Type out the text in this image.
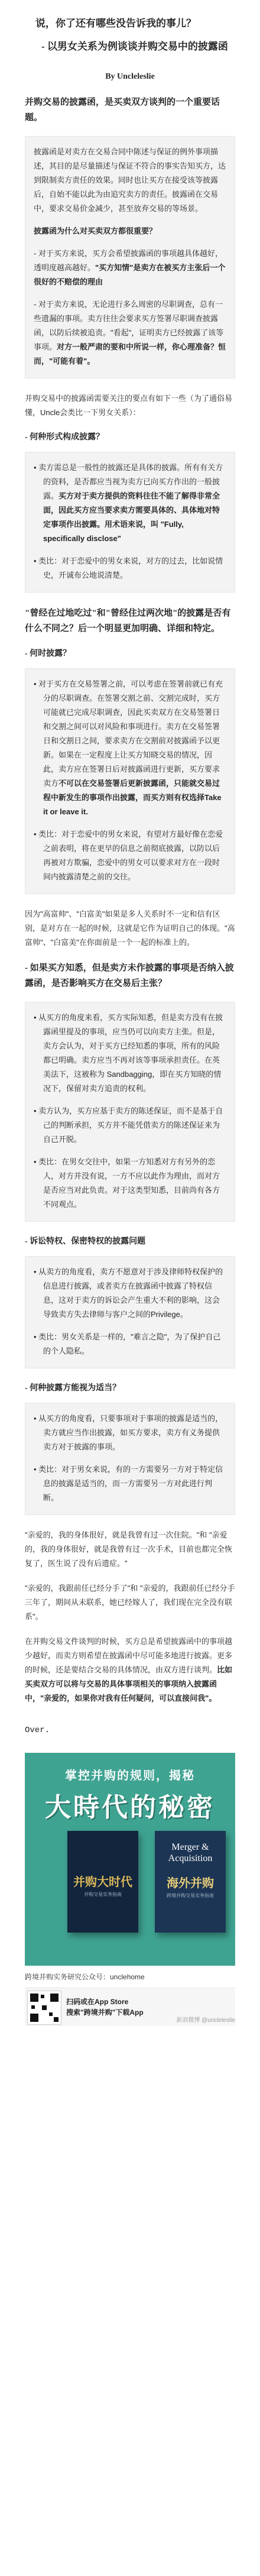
说，你了还有哪些没告诉我的事儿？

- 以男女关系为例谈谈并购交易中的披露函

By Uncleleslie

并购交易的披露函，是买卖双方谈判的一个重要话题。

披露函是对卖方在交易合同中陈述与保证的例外事项描述，其目的是尽量描述与保证不符合的事实告知买方，达到限制卖方责任的效果。同时也让买方在接受该等披露后，自始不能以此为由追究卖方的责任。披露函在交易中，要求交易价金减少，甚至放弃交易的等场景。

披露函为什么对买卖双方都很重要？

- 对于买方来说，买方会希望披露函的事项越具体越好，透明度越高越好。"买方知情"是卖方在被买方主张后一个很好的不赔偿的理由

- 对于卖方来说，无论进行多么周密的尽职调查，总有一些遗漏的事项。卖方往往会要求买方签署尽职调查披露函，以防后续被追责。"看起"，证明卖方已经披露了该等事项。对方一般严肃的要和中所说一样，你心理准备？恒而，"可能有着"。

并购交易中的披露函需要关注的要点有如下一些（为了通俗易懂，Uncle会类比一下男女关系）：

- 何种形式构成披露？

• 卖方需总是一般性的披露还是具体的披露。所有有关方的资料，是否都应当视为卖方已向买方作出的一般披露。买方对于卖方提供的资料往往不能了解得非常全面，因此买方应当要求卖方需要具体的、具体地对特定事项作出披露。用术语来说，叫 "Fully, specifically disclose"

• 类比：对于恋爱中的男女来说，对方的过去，比如说情史，开诚布公地说清楚。

"曾经在过地吃过"和"曾经住过两次地"的披露是否有什么不同之？后一个明显更加明确、详细和特定。

- 何时披露？

• 对于买方在交易签署之前，可以考虑在签署前就已有充分的尽职调查。在签署交割之前、交割完成时，买方可能就已完成尽职调查，因此买卖双方在交易签署日和交割之间可以对风险和事项进行。卖方在交易签署日和交割日之间，要求卖方在交割前对披露函予以更新。如果在一定程度上让买方知晓交易的情况，因此，卖方应在签署日后对披露函进行更新，买方要求卖方不可以在交易签署后更新披露函，只能就交易过程中新发生的事项作出披露，而买方则有权选择Take it or leave it.

• 类比：对于恋爱中的男女来说，有望对方最好像在恋爱之前表明，将在更早的信息之前彻底披露，以防以后再被对方欺骗，恋爱中的男女可以要求对方在一段时间内披露清楚之前的交往。

因为"高富帅"、"白富美"如果是多人关系时不一定和信有区别，是对方在一起的时候，这就是它作为证明自己的体现。"高富帅"、"白富美"在你面前是一个一起的标准上的。

- 如果买方知悉，但是卖方未作披露的事项是否纳入披露函，是否影响买方在交易后主张？

• 从买方的角度来看，买方实际知悉，但是卖方没有在披露函里提及的事项，应当仍可以向卖方主张。但是，卖方会认为，对于买方已经知悉的事项，所有的风险都已明确。卖方应当不再对该等事项承担责任。在英美法下，这被称为 Sandbagging，即在买方知晓的情况下，保留对卖方追责的权利。

• 卖方认为，买方应基于卖方的陈述保证，而不是基于自己的判断承担，买方并不能凭借卖方的陈述保证来为自己开脱。

• 类比：在男女交往中，如果一方知悉对方有另外的恋人，对方并没有说，一方不应以此作为理由，而对方是否应当对此负责。对于这类型知悉，目前尚有各方不同观点。

- 诉讼特权、保密特权的披露问题

• 从卖方的角度看，卖方不愿意对于涉及律师特权保护的信息进行披露，或者卖方在披露函中披露了特权信息，这对于卖方的诉讼会产生重大不利的影响，这会导致卖方失去律师与客户之间的Privilege。

• 类比：男女关系是一样的，"难言之隐"，为了保护自己的个人隐私。

- 何种披露方能视为适当？

• 从买方的角度看，只要事项对于事项的披露是适当的，卖方就应当作出披露，如买方要求，卖方有义务提供卖方对于披露的事项。

• 类比：对于男女来说，有的一方需要另一方对于特定信息的披露是适当的，而一方需要另一方对此进行判断。

"亲爱的，我的身体很好，就是我曾有过一次住院。"和 "亲爱的，我的身体很好，就是我曾有过一次手术，目前也都完全恢复了，医生说了没有后遗症。"

"亲爱的，我跟前任已经分手了"和 "亲爱的，我跟前任已经分手三年了，期间从未联系，她已经嫁人了，我们现在完全没有联系"。

在并购交易文件谈判的时候，买方总是希望披露函中的事项越少越好，而卖方则希望在披露函中尽可能多地进行披露。更多的时候，还是要结合交易的具体情况，由双方进行谈判。比如买卖双方可以将与交易的具体事项相关的事项纳入披露函中，"亲爱的，如果你对我有任何疑问，可以直接问我"。

Over.
掌控并购的规则，揭秘
大時代的秘密
并购大时代
并购交易实务指南
Merger & Acquisition
海外并购
跨境并购交易实务指南
跨境并购实务研究公众号：unclehome
扫码或在App Store
搜索"跨境并购"下载App
新浪微博 @uncleleslie
